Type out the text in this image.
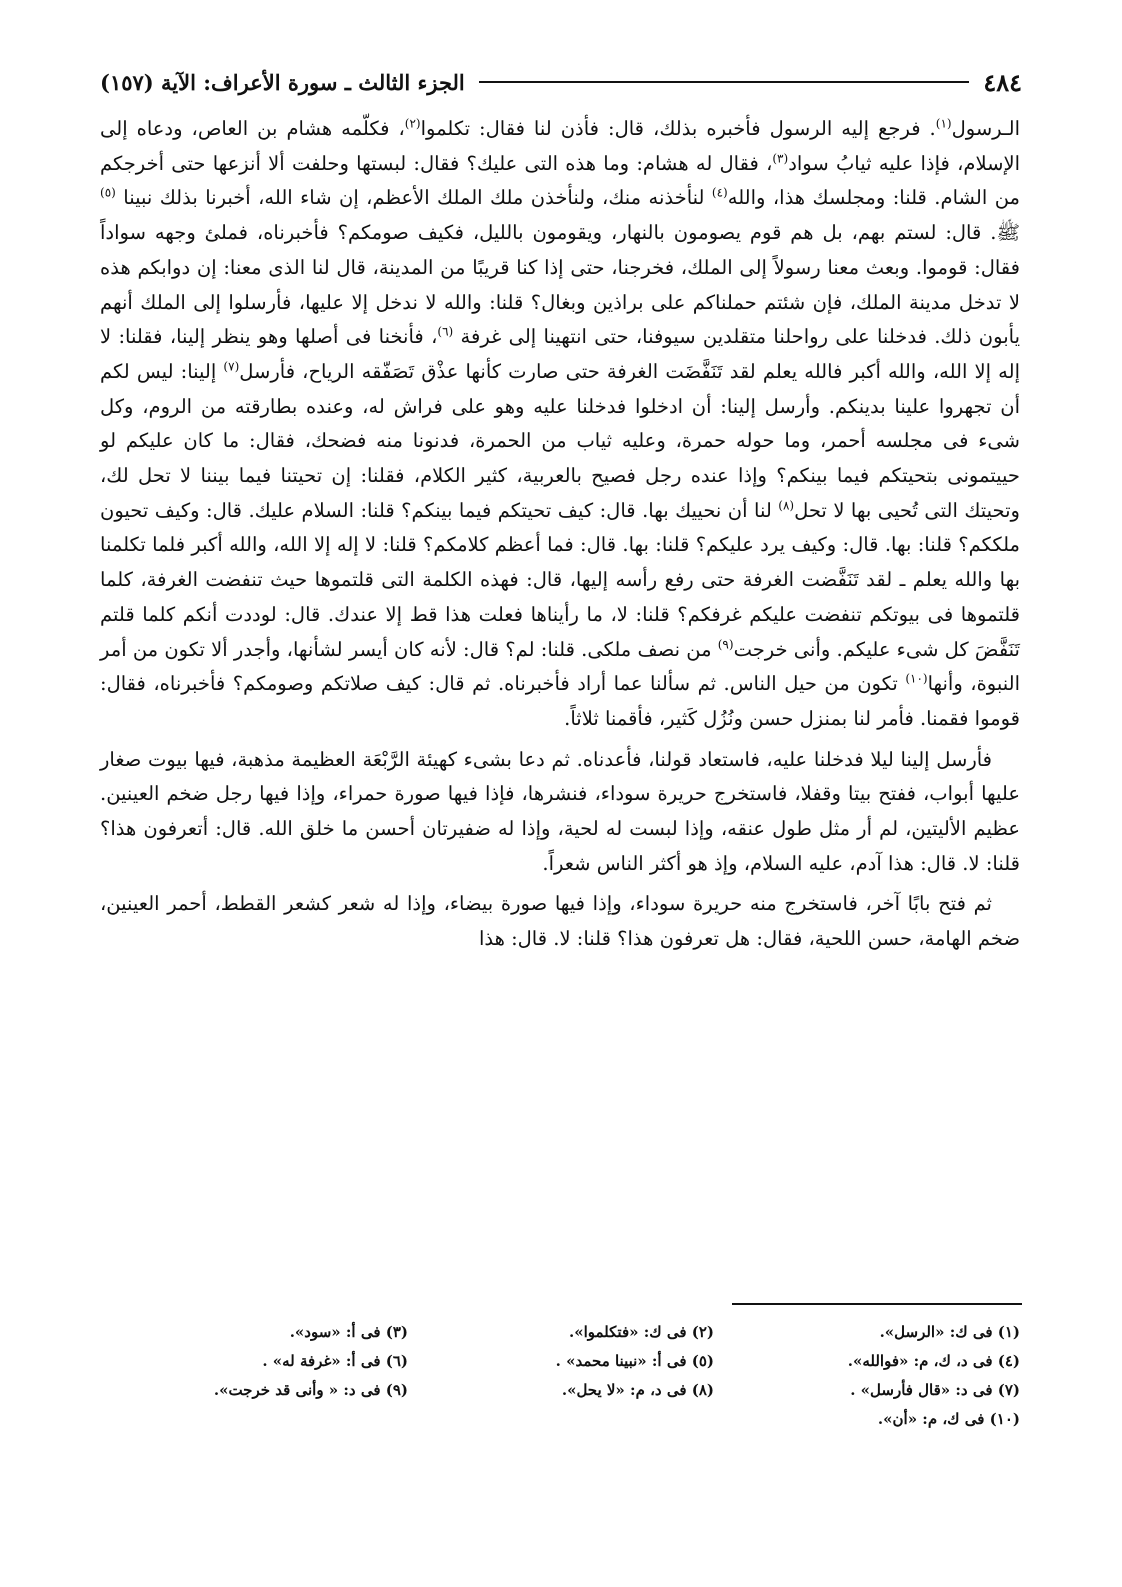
٤٨٤
الجزء الثالث ـ سورة الأعراف: الآية (١٥٧)

الـرسول$^{(١)}$. فرجع إليه الرسول فأخبره بذلك، قال: فأذن لنا فقال: تكلموا$^{(٢)}$، فكلّمه هشام بن العاص، ودعاه إلى الإسلام، فإذا عليه ثيابُ سواد$^{(٣)}$، فقال له هشام: وما هذه التى عليك؟ فقال: لبستها وحلفت ألا أنزعها حتى أخرجكم من الشام. قلنا: ومجلسك هذا، والله$^{(٤)}$ لنأخذنه منك، ولنأخذن ملك الملك الأعظم، إن شاء الله، أخبرنا بذلك نبينا $^{(٥)}$ ﷺ. قال: لستم بهم، بل هم قوم يصومون بالنهار، ويقومون بالليل، فكيف صومكم؟ فأخبرناه، فملئ وجهه سواداً فقال: قوموا. وبعث معنا رسولاً إلى الملك، فخرجنا، حتى إذا كنا قريبًا من المدينة، قال لنا الذى معنا: إن دوابكم هذه لا تدخل مدينة الملك، فإن شئتم حملناكم على براذين وبغال؟ قلنا: والله لا ندخل إلا عليها، فأرسلوا إلى الملك أنهم يأبون ذلك. فدخلنا على رواحلنا متقلدين سيوفنا، حتى انتهينا إلى غرفة $^{(٦)}$، فأنخنا فى أصلها وهو ينظر إلينا، فقلنا: لا إله إلا الله، والله أكبر فالله يعلم لقد تَنَفَّضَت الغرفة حتى صارت كأنها عذْق تَصَفّقه الرياح، فأرسل$^{(٧)}$ إلينا: ليس لكم أن تجهروا علينا بدينكم. وأرسل إلينا: أن ادخلوا فدخلنا عليه وهو على فراش له، وعنده بطارقته من الروم، وكل شىء فى مجلسه أحمر، وما حوله حمرة، وعليه ثياب من الحمرة، فدنونا منه فضحك، فقال: ما كان عليكم لو حييتمونى بتحيتكم فيما بينكم؟ وإذا عنده رجل فصيح بالعربية، كثير الكلام، فقلنا: إن تحيتنا فيما بيننا لا تحل لك، وتحيتك التى تُحيى بها لا تحل$^{(٨)}$ لنا أن نحييك بها. قال: كيف تحيتكم فيما بينكم؟ قلنا: السلام عليك. قال: وكيف تحيون ملككم؟ قلنا: بها. قال: وكيف يرد عليكم؟ قلنا: بها. قال: فما أعظم كلامكم؟ قلنا: لا إله إلا الله، والله أكبر فلما تكلمنا بها والله يعلم ـ لقد تَنَفَّضت الغرفة حتى رفع رأسه إليها، قال: فهذه الكلمة التى قلتموها حيث تنفضت الغرفة، كلما قلتموها فى بيوتكم تنفضت عليكم غرفكم؟ قلنا: لا، ما رأيناها فعلت هذا قط إلا عندك. قال: لوددت أنكم كلما قلتم تَنَفَّضَ كل شىء عليكم. وأنى خرجت$^{(٩)}$ من نصف ملكى. قلنا: لم؟ قال: لأنه كان أيسر لشأنها، وأجدر ألا تكون من أمر النبوة، وأنها$^{(١٠)}$ تكون من حيل الناس. ثم سألنا عما أراد فأخبرناه. ثم قال: كيف صلاتكم وصومكم؟ فأخبرناه، فقال: قوموا فقمنا. فأمر لنا بمنزل حسن ونُزُل كَثير، فأقمنا ثلاثاً.

فأرسل إلينا ليلا فدخلنا عليه، فاستعاد قولنا، فأعدناه. ثم دعا بشىء كهيئة الرَّبْعَة العظيمة مذهبة، فيها بيوت صغار عليها أبواب، ففتح بيتا وقفلا، فاستخرج حريرة سوداء، فنشرها، فإذا فيها صورة حمراء، وإذا فيها رجل ضخم العينين. عظيم الأليتين، لم أر مثل طول عنقه، وإذا لبست له لحية، وإذا له ضفيرتان أحسن ما خلق الله. قال: أتعرفون هذا؟ قلنا: لا. قال: هذا آدم، عليه السلام، وإذ هو أكثر الناس شعراً.

ثم فتح بابًا آخر، فاستخرج منه حريرة سوداء، وإذا فيها صورة بيضاء، وإذا له شعر كشعر القطط، أحمر العينين، ضخم الهامة، حسن اللحية، فقال: هل تعرفون هذا؟ قلنا: لا. قال: هذا

(١) فى ك: «الرسل».
(٢) فى ك: «فتكلموا».
(٣) فى أ: «سود».
(٤) فى د، ك، م: «فوالله».
(٥) فى أ: «نبينا محمد» .
(٦) فى أ: «غرفة له» .
(٧) فى د: «قال فأرسل» .
(٨) فى د، م: «لا يحل».
(٩) فى د: « وأنى قد خرجت».
(١٠) فى ك، م: «أن».
